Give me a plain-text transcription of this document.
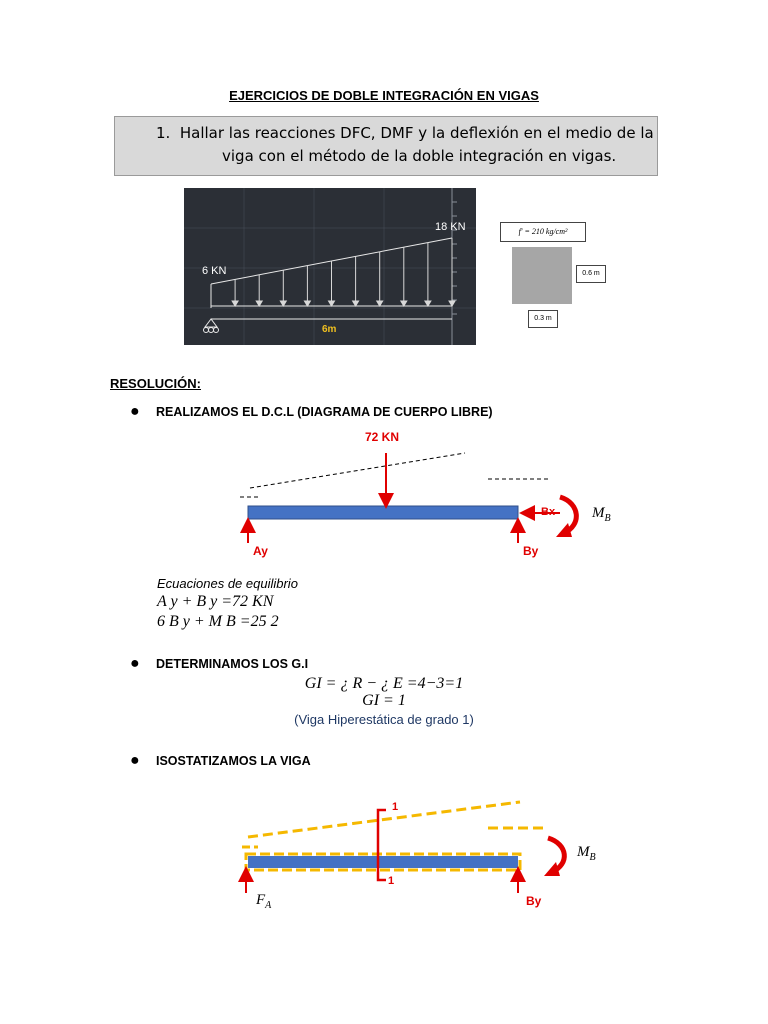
EJERCICIOS DE DOBLE INTEGRACIÓN EN VIGAS
1. Hallar las reacciones DFC, DMF y la deflexión en el medio de la
viga con el método de la doble integración en vigas.
18 KN
6 KN
6m
f' = 210 kg/cm²
0.6 m
0.3 m
RESOLUCIÓN:
● REALIZAMOS EL D.C.L (DIAGRAMA DE CUERPO LIBRE)
72 KN
Ay	By
Bx $M_B$
Ecuaciones de equilibrio
A y + B y =72 KN
6 B y + M B =25 2
● DETERMINAMOS LOS G.I
GI = ¿ R − ¿ E =4−3=1
GI = 1
(Viga Hiperestática de grado 1)
● ISOSTATIZAMOS LA VIGA
1
1
$F_A$	By
$M_B$
